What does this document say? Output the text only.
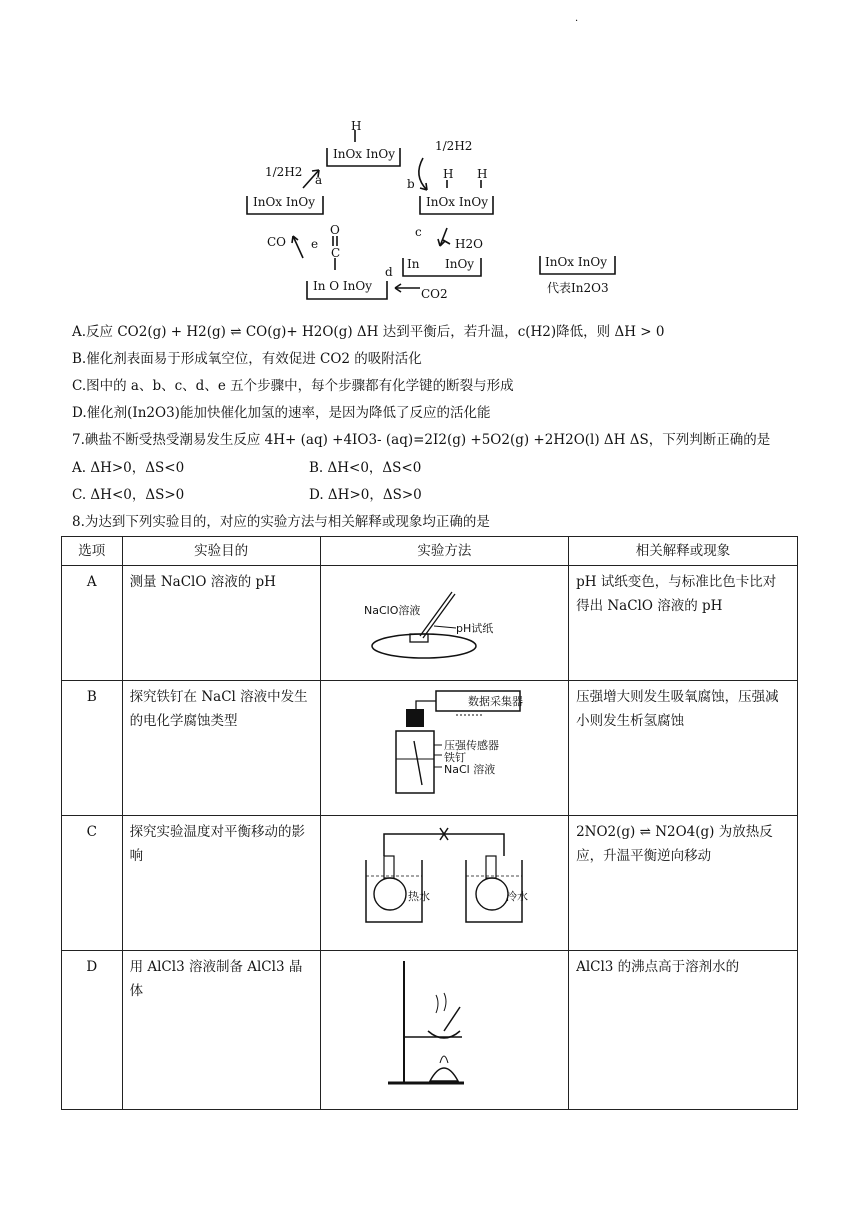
·
H
InOx InOy
1/2H2
a
InOx InOy
1/2H2
b
H H
InOx InOy
c
H2O
In InOy
d
CO2
CO e
O
C
In O InOy
InOx InOy
代表In2O3
A.反应 CO2(g) + H2(g) ⇌ CO(g)+ H2O(g) ΔH 达到平衡后，若升温，c(H2)降低，则 ΔH > 0
B.催化剂表面易于形成氧空位，有效促进 CO2 的吸附活化
C.图中的 a、b、c、d、e 五个步骤中，每个步骤都有化学键的断裂与形成
D.催化剂(In2O3)能加快催化加氢的速率，是因为降低了反应的活化能
7.碘盐不断受热受潮易发生反应 4H+ (aq) +4IO3- (aq)=2I2(g) +5O2(g) +2H2O(l) ΔH ΔS，下列判断正确的是
A. ΔH>0，ΔS<0	B. ΔH<0，ΔS<0
C. ΔH<0，ΔS>0	D. ΔH>0，ΔS>0
8.为达到下列实验目的，对应的实验方法与相关解释或现象均正确的是
选项	实验目的	实验方法	相关解释或现象
A	测量 NaClO 溶液的 pH	NaClO溶液
pH试纸	pH 试纸变色，与标准比色卡比对 得出 NaClO 溶液的 pH
B	探究铁钉在 NaCl 溶液中发生的电化学腐蚀类型	数据采集器
压强传感器
铁钉
NaCl 溶液	压强增大则发生吸氧腐蚀，压强减 小则发生析氢腐蚀
C	探究实验温度对平衡移动的影响	热水 冷水	2NO2(g) ⇌ N2O4(g) 为放热反应，升温平衡逆向移动
D	用 AlCl3 溶液制备 AlCl3 晶体		AlCl3 的沸点高于溶剂水的
